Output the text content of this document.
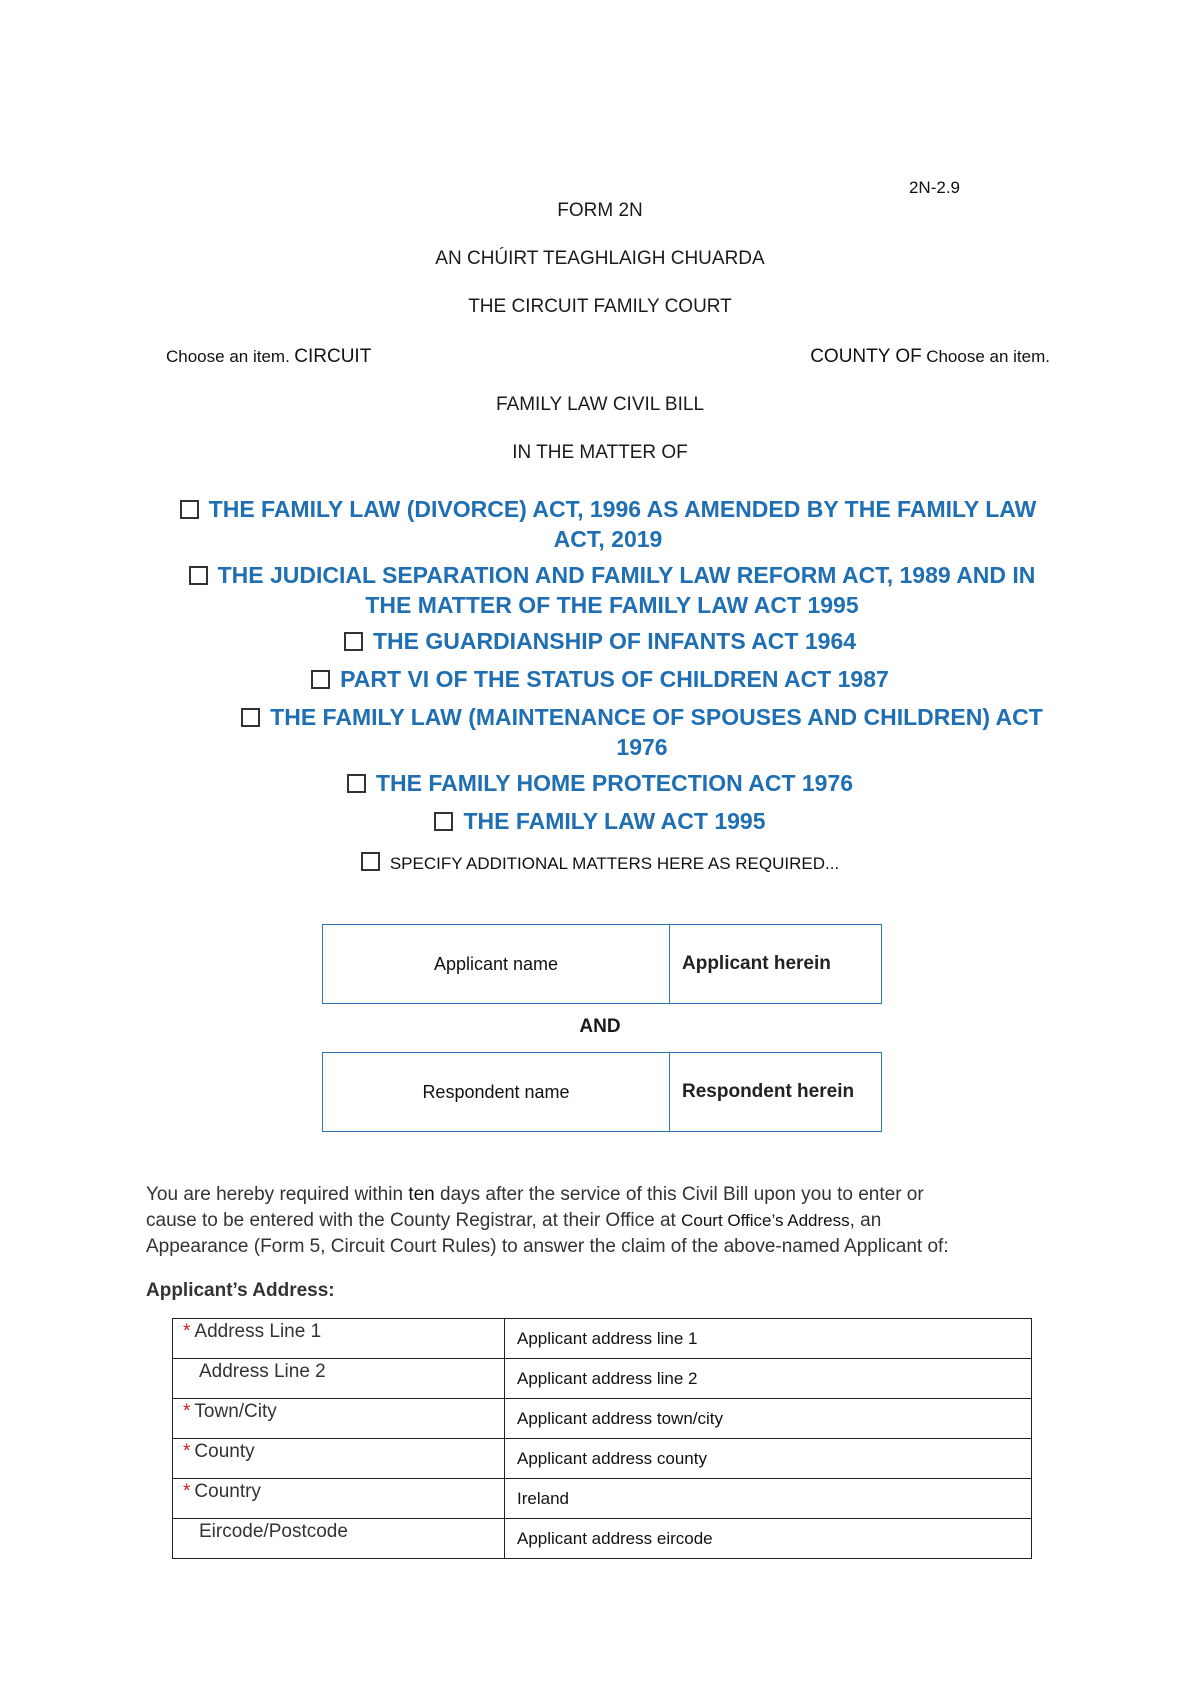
2N-2.9
FORM 2N
AN CHÚIRT TEAGHLAIGH CHUARDA
THE CIRCUIT FAMILY COURT
Choose an item. CIRCUIT	COUNTY OF Choose an item.
FAMILY LAW CIVIL BILL
IN THE MATTER OF
THE FAMILY LAW (DIVORCE) ACT, 1996 AS AMENDED BY THE FAMILY LAW
ACT, 2019
THE JUDICIAL SEPARATION AND FAMILY LAW REFORM ACT, 1989 AND IN
THE MATTER OF THE FAMILY LAW ACT 1995
THE GUARDIANSHIP OF INFANTS ACT 1964
PART VI OF THE STATUS OF CHILDREN ACT 1987
THE FAMILY LAW (MAINTENANCE OF SPOUSES AND CHILDREN) ACT
1976
THE FAMILY HOME PROTECTION ACT 1976
THE FAMILY LAW ACT 1995
SPECIFY ADDITIONAL MATTERS HERE AS REQUIRED...
Applicant name	Applicant herein
AND
Respondent name	Respondent herein
You are hereby required within ten days after the service of this Civil Bill upon you to enter or
cause to be entered with the County Registrar, at their Office at Court Office’s Address, an
Appearance (Form 5, Circuit Court Rules) to answer the claim of the above-named Applicant of:
Applicant’s Address:
* Address Line 1	Applicant address line 1
Address Line 2	Applicant address line 2
* Town/City	Applicant address town/city
* County	Applicant address county
* Country	Ireland
Eircode/Postcode	Applicant address eircode
